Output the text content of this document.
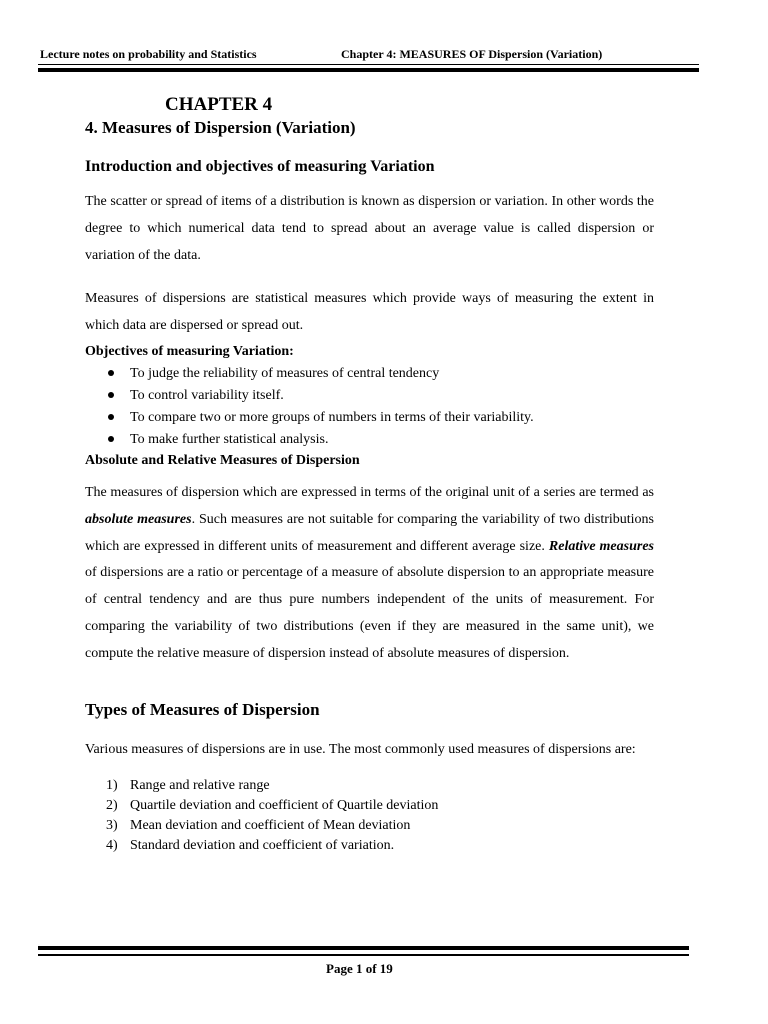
Lecture notes on probability and Statistics	Chapter 4: MEASURES OF Dispersion (Variation)
CHAPTER 4
4. Measures of Dispersion (Variation)
Introduction and objectives of measuring Variation
The scatter or spread of items of a distribution is known as dispersion or variation. In other words the degree to which numerical data tend to spread about an average value is called dispersion or variation of the data.
Measures of dispersions are statistical measures which provide ways of measuring the extent in which data are dispersed or spread out.
Objectives of measuring Variation:
To judge the reliability of measures of central tendency
To control variability itself.
To compare two or more groups of numbers in terms of their variability.
To make further statistical analysis.
Absolute and Relative Measures of Dispersion
The measures of dispersion which are expressed in terms of the original unit of a series are termed as absolute measures. Such measures are not suitable for comparing the variability of two distributions which are expressed in different units of measurement and different average size. Relative measures of dispersions are a ratio or percentage of a measure of absolute dispersion to an appropriate measure of central tendency and are thus pure numbers independent of the units of measurement. For comparing the variability of two distributions (even if they are measured in the same unit), we compute the relative measure of dispersion instead of absolute measures of dispersion.
Types of Measures of Dispersion
Various measures of dispersions are in use. The most commonly used measures of dispersions are:
1) Range and relative range
2) Quartile deviation and coefficient of Quartile deviation
3) Mean deviation and coefficient of Mean deviation
4) Standard deviation and coefficient of variation.
Page 1 of 19
